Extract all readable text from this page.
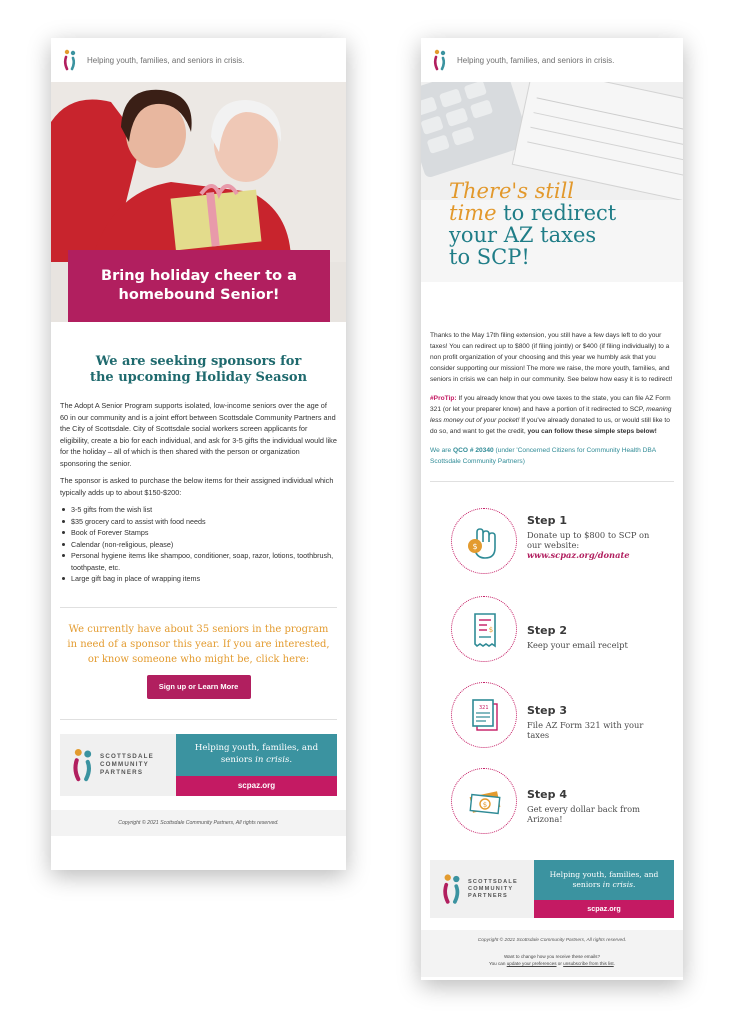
Helping youth, families, and seniors in crisis.
Bring holiday cheer to a homebound Senior!
We are seeking sponsors for the upcoming Holiday Season

The Adopt A Senior Program supports isolated, low-income seniors over the age of 60 in our community and is a joint effort between Scottsdale Community Partners and the City of Scottsdale. City of Scottsdale social workers screen applicants for eligibility, create a bio for each individual, and ask for 3-5 gifts the individual would like for the holiday – all of which is then shared with the person or organization sponsoring the senior.

The sponsor is asked to purchase the below items for their assigned individual which typically adds up to about $150-$200:

3-5 gifts from the wish list
$35 grocery card to assist with food needs
Book of Forever Stamps
Calendar (non-religious, please)
Personal hygiene items like shampoo, conditioner, soap, razor, lotions, toothbrush, toothpaste, etc.
Large gift bag in place of wrapping items

We currently have about 35 seniors in the program in need of a sponsor this year. If you are interested, or know someone who might be, click here:

Sign up or Learn More
SCOTTSDALE
COMMUNITY
PARTNERS
Helping youth, families, and seniors in crisis.
scpaz.org
Copyright © 2021 Scottsdale Community Partners, All rights reserved.
Helping youth, families, and seniors in crisis.
There's still
time to redirect
your AZ taxes
to SCP!

Thanks to the May 17th filing extension, you still have a few days left to do your taxes! You can redirect up to $800 (if filing jointly) or $400 (if filing individually) to a non profit organization of your choosing and this year we humbly ask that you consider supporting our mission! The more we raise, the more youth, families, and seniors in crisis we can help in our community. See below how easy it is to redirect!

#ProTip: If you already know that you owe taxes to the state, you can file AZ Form 321 (or let your preparer know) and have a portion of it redirected to SCP, meaning less money out of your pocket! If you've already donated to us, or would still like to do so, and want to get the credit, you can follow these simple steps below!

We are QCO # 20340 (under 'Concerned Citizens for Community Health DBA Scottsdale Community Partners)

$
Step 1
Donate up to $800 to SCP on our website:
www.scpaz.org/donate
$	Step 2
Keep your email receipt
321	Step 3
File AZ Form 321 with your taxes
$
Step 4
Get every dollar back from Arizona!
SCOTTSDALE
COMMUNITY
PARTNERS
Helping youth, families, and seniors in crisis.
scpaz.org
Copyright © 2021 Scottsdale Community Partners, All rights reserved.
Want to change how you receive these emails?
You can update your preferences or unsubscribe from this list.
